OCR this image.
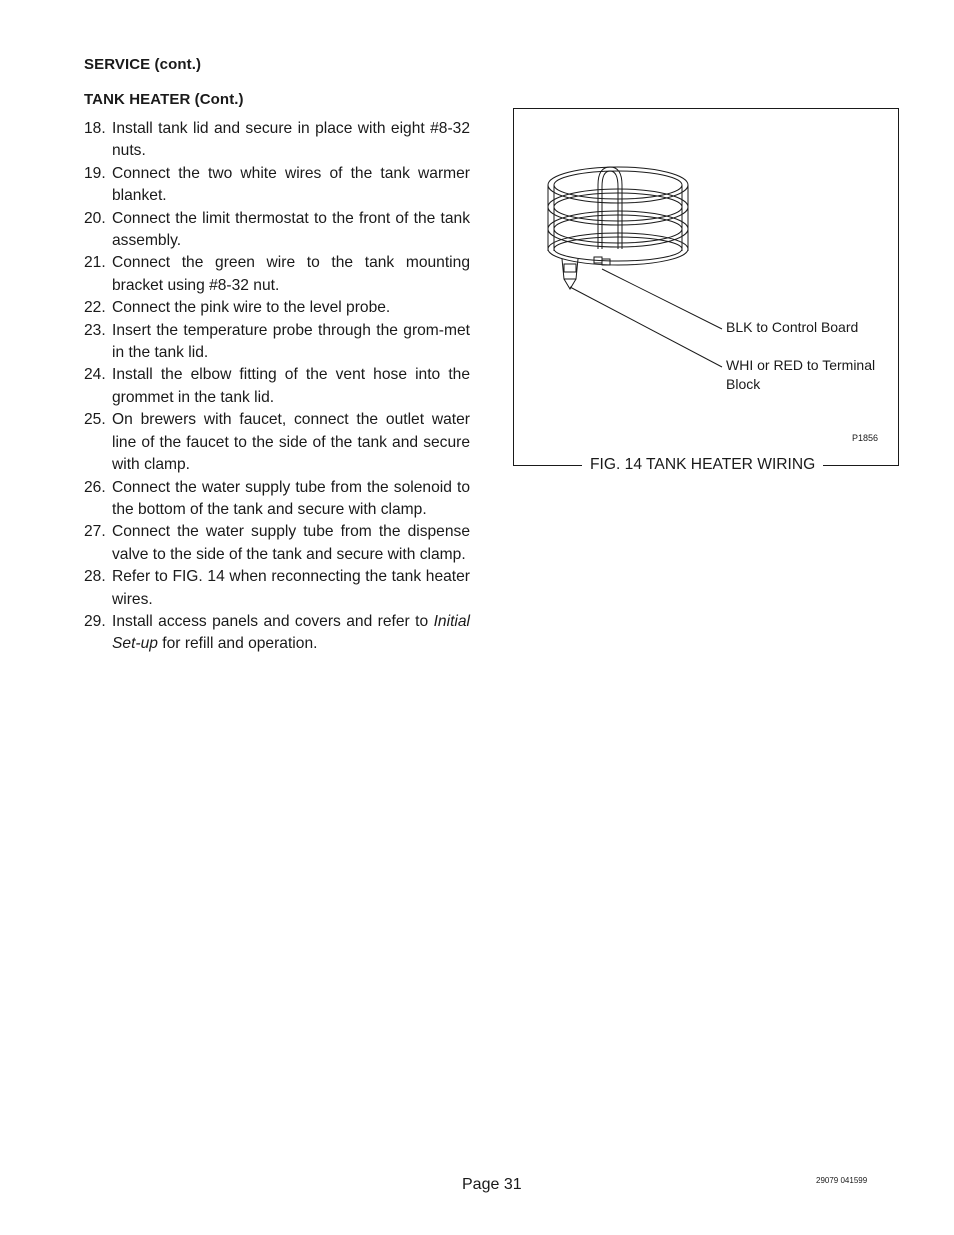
SERVICE (cont.)
TANK HEATER (Cont.)
18. Install tank lid and secure in place with eight #8-32 nuts.
19. Connect the two white wires of the tank warmer blanket.
20. Connect the limit thermostat to the front of the tank assembly.
21. Connect the green wire to the tank mounting bracket using #8-32 nut.
22. Connect the pink wire to the level probe.
23. Insert the temperature probe through the grom-met in the tank lid.
24. Install the elbow fitting of the vent hose into the grommet in the tank lid.
25. On brewers with faucet, connect the outlet water line of the faucet to the side of the tank and secure with clamp.
26. Connect the water supply tube from the solenoid to the bottom of the tank and secure with clamp.
27. Connect the water supply tube from the dispense valve to the side of the tank and secure with clamp.
28. Refer to FIG. 14 when reconnecting the tank heater wires.
29. Install access panels and covers and refer to Initial Set-up for refill and operation.
BLK to Control Board
WHI or RED to Terminal Block
P1856
FIG. 14 TANK HEATER WIRING
Page 31	29079 041599
